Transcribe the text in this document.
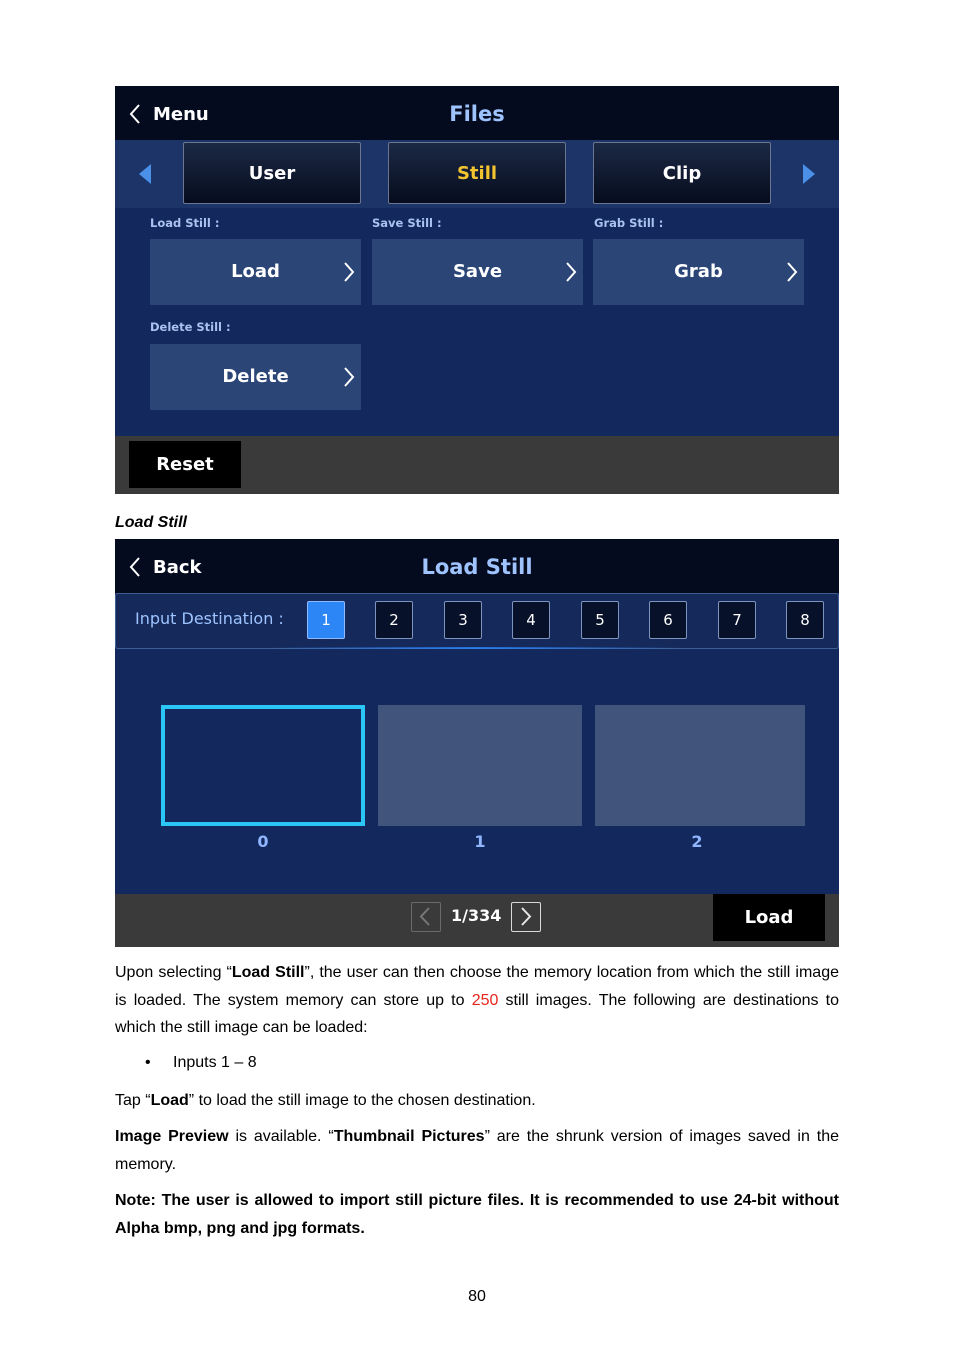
Files
Menu
User	Still	Clip
Load Still :	Save Still :	Grab Still :
Load	Save	Grab
Delete Still :
Delete
Reset
Load Still
Load Still
Back
Input Destination :	1	2	3	4	5	6	7	8
0	1	2
1/334	Load
Upon selecting “Load Still”, the user can then choose the memory location from which the still image is loaded. The system memory can store up to 250 still images. The following are destinations to which the still image can be loaded:
• Inputs 1 – 8
Tap “Load” to load the still image to the chosen destination.
Image Preview is available. “Thumbnail Pictures” are the shrunk version of images saved in the memory.
Note: The user is allowed to import still picture files. It is recommended to use 24-bit without Alpha bmp, png and jpg formats.
80
